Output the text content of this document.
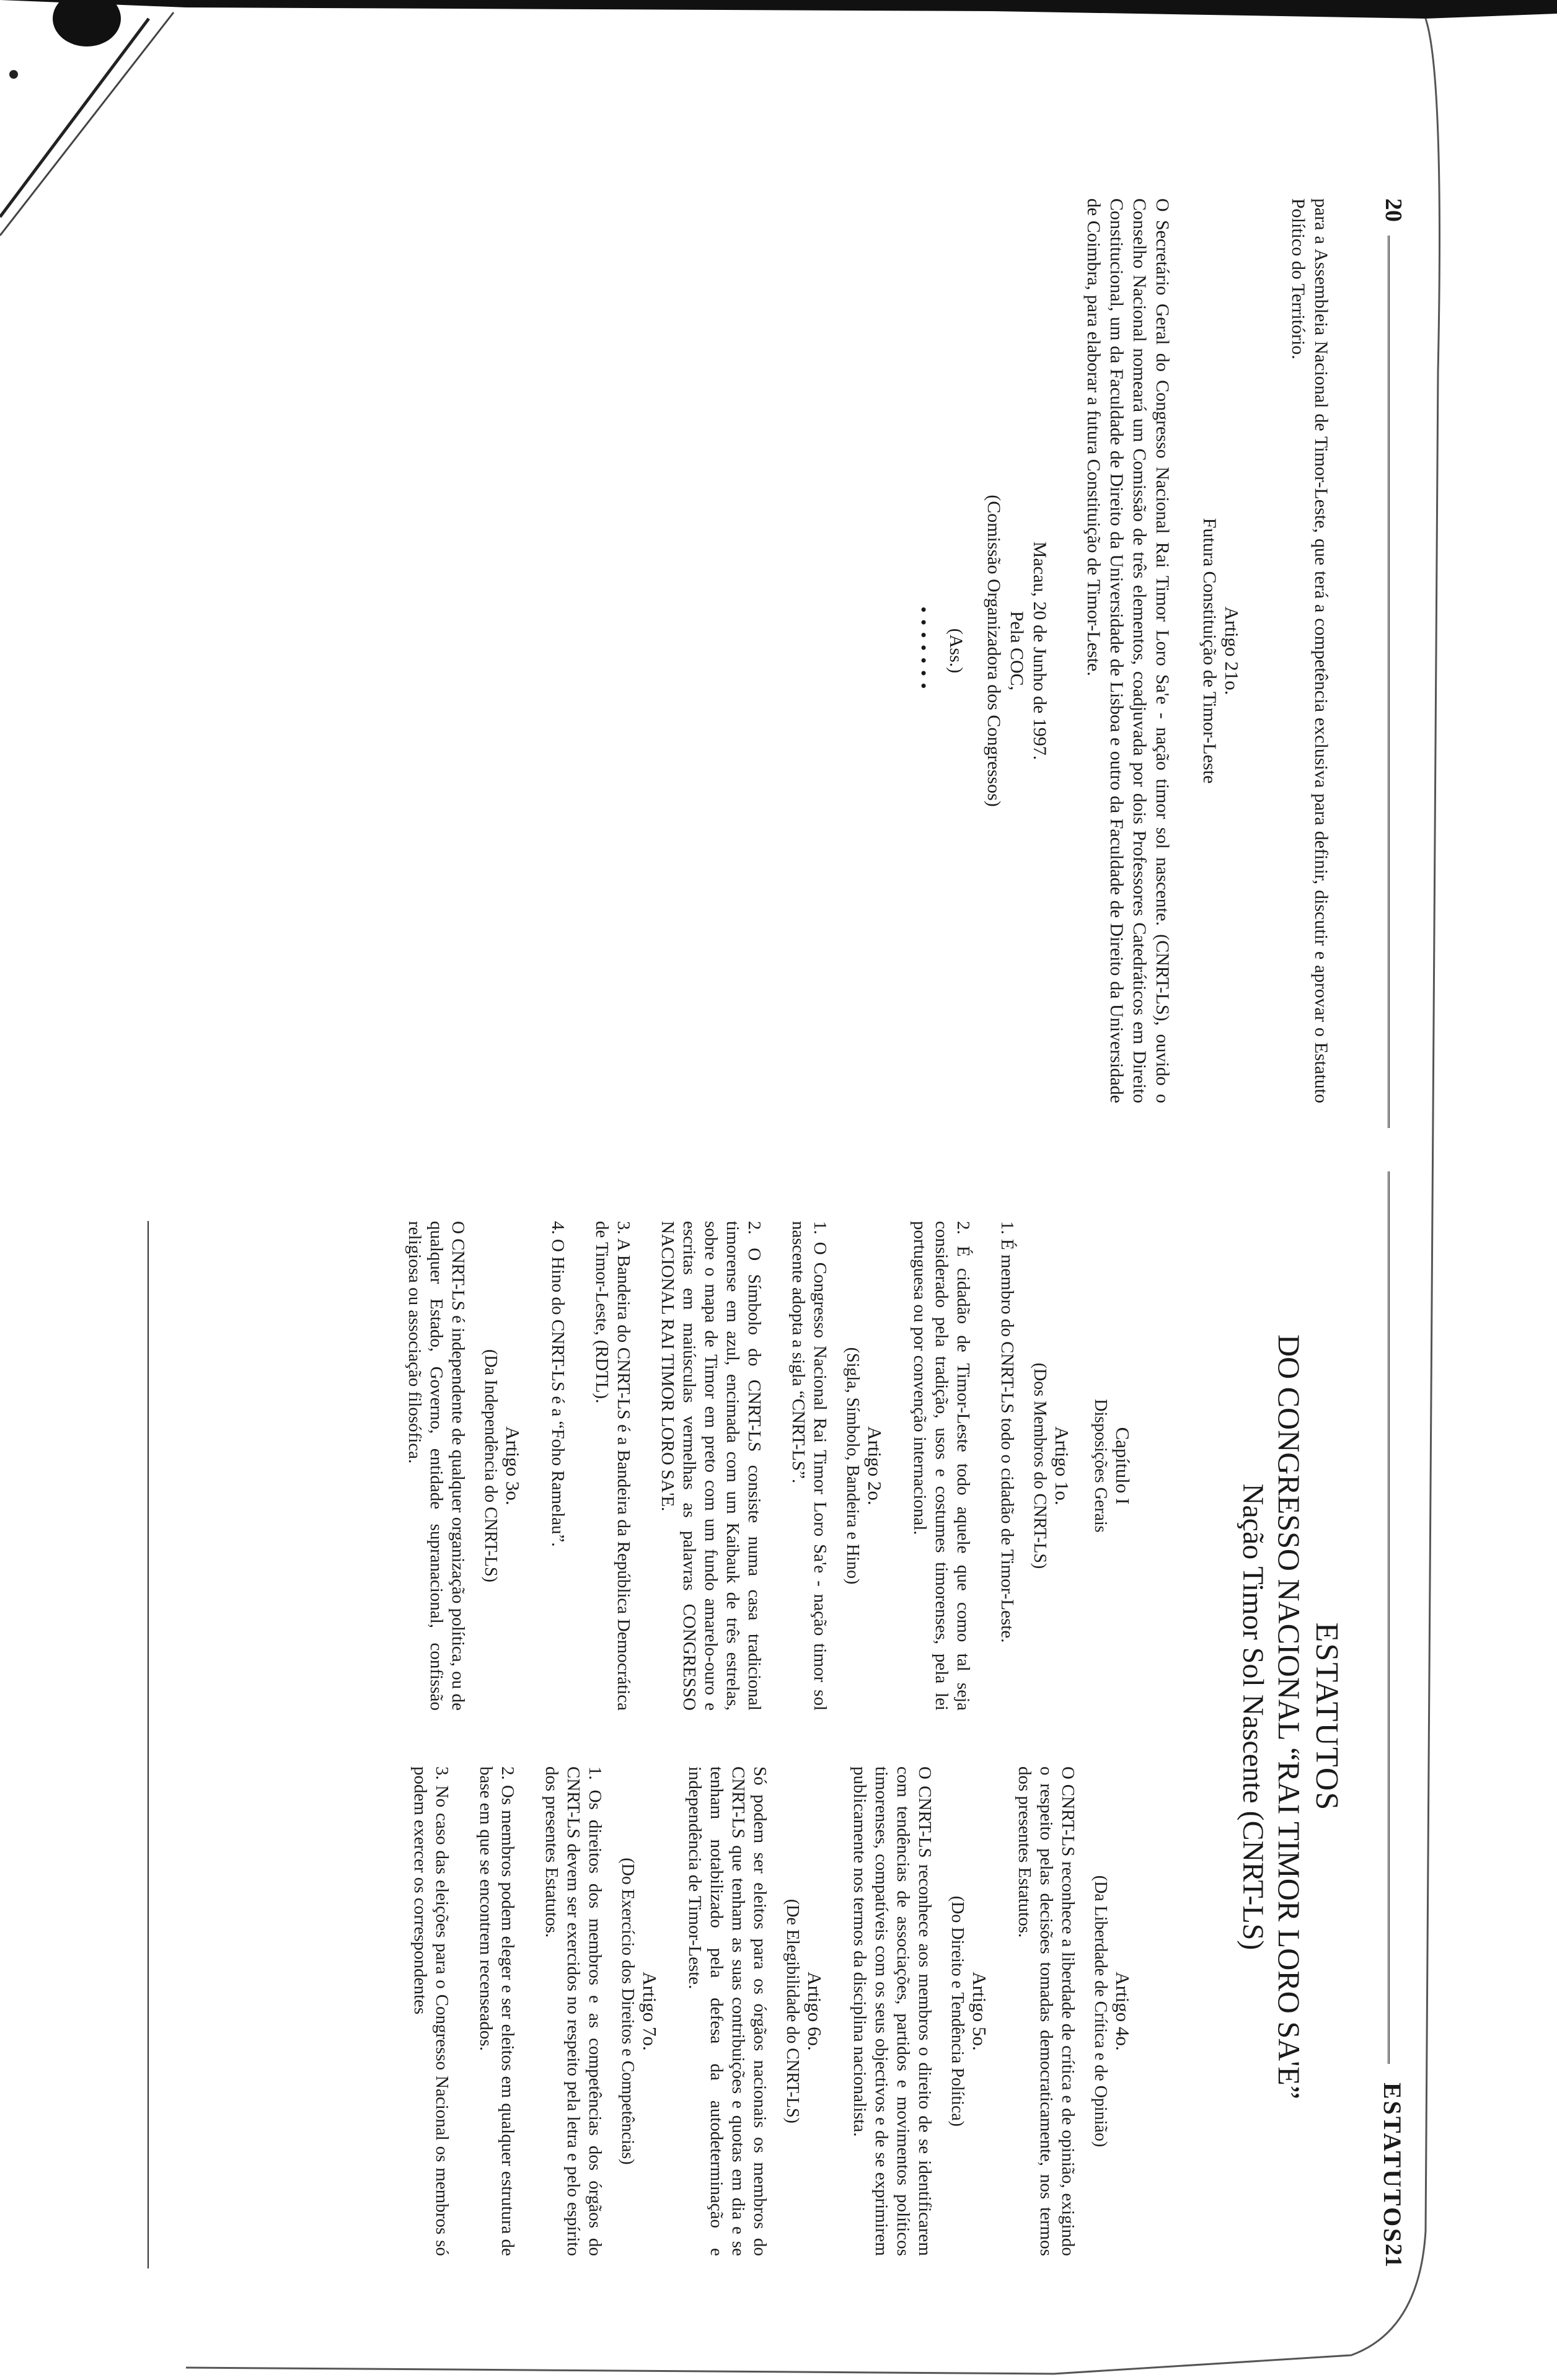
20

para a Assembleia Nacional de Timor-Leste, que terá a competência exclusiva para definir, discutir e aprovar o Estatuto Político do Território.

Artigo 21o.
Futura Constituição de Timor-Leste

O Secretário Geral do Congresso Nacional Rai Timor Loro Sa'e - nação timor sol nascente. (CNRT-LS), ouvido o Conselho Nacional nomeará um Comissão de três elementos, coadjuvada por dois Professores Catedráticos em Direito Constitucional, um da Faculdade de Direito da Universidade de Lisboa e outro da Faculdade de Direito da Universidade de Coimbra, para elaborar a futura Constituição de Timor-Leste.

Macau, 20 de Junho de 1997.
Pela COC,
(Comissão Organizadora dos Congressos)
(Ass.)
•••••••
ESTATUTOS
21
ESTATUTOS
DO CONGRESSO NACIONAL “RAI TIMOR LORO SA'E”
Nação Timor Sol Nascente (CNRT-LS)
Capítulo I
Disposições Gerais
Artigo 1o.
(Dos Membros do CNRT-LS)

1. É membro do CNRT-LS todo o cidadão de Timor-Leste.

2. É cidadão de Timor-Leste todo aquele que como tal seja considerado pela tradição, usos e costumes timorenses, pela lei portuguesa ou por convenção internacional.

Artigo 2o.
(Sigla, Símbolo, Bandeira e Hino)

1. O Congresso Nacional Rai Timor Loro Sa'e - nação timor sol nascente adopta a sigla “CNRT-LS”.

2. O Símbolo do CNRT-LS consiste numa casa tradicional timorense em azul, encimada com um Kaibauk de três estrelas, sobre o mapa de Timor em preto com um fundo amarelo-ouro e escritas em maiúsculas vermelhas as palavras CONGRESSO NACIONAL RAI TIMOR LORO SA'E.

3. A Bandeira do CNRT-LS é a Bandeira da República Democrática de Timor-Leste, (RDTL).

4. O Hino do CNRT-LS é a “Foho Ramelau”.

Artigo 3o.
(Da Independência do CNRT-LS)

O CNRT-LS é independente de qualquer organização política, ou de qualquer Estado, Governo, entidade supranacional, confissão religiosa ou associação filosófica.

Artigo 4o.
(Da Liberdade de Crítica e de Opinião)

O CNRT-LS reconhece a liberdade de crítica e de opinião, exigindo o respeito pelas decisões tomadas democraticamente, nos termos dos presentes Estatutos.

Artigo 5o.
(Do Direito e Tendência Política)

O CNRT-LS reconhece aos membros o direito de se identificarem com tendências de associações, partidos e movimentos políticos timorenses, compatíveis com os seus objectivos e de se exprimirem publicamente nos termos da disciplina nacionalista.

Artigo 6o.
(De Elegibilidade do CNRT-LS)

Só podem ser eleitos para os órgãos nacionais os membros do CNRT-LS que tenham as suas contribuições e quotas em dia e se tenham notabilizado pela defesa da autodeterminação e independência de Timor-Leste.

Artigo 7o.
(Do Exercício dos Direitos e Competências)

1. Os direitos dos membros e as competências dos órgãos do CNRT-LS devem ser exercidos no respeito pela letra e pelo espírito dos presentes Estatutos.

2. Os membros podem eleger e ser eleitos em qualquer estrutura de base em que se encontrem recenseados.

3. No caso das eleições para o Congresso Nacional os membros só podem exercer os correspondentes
